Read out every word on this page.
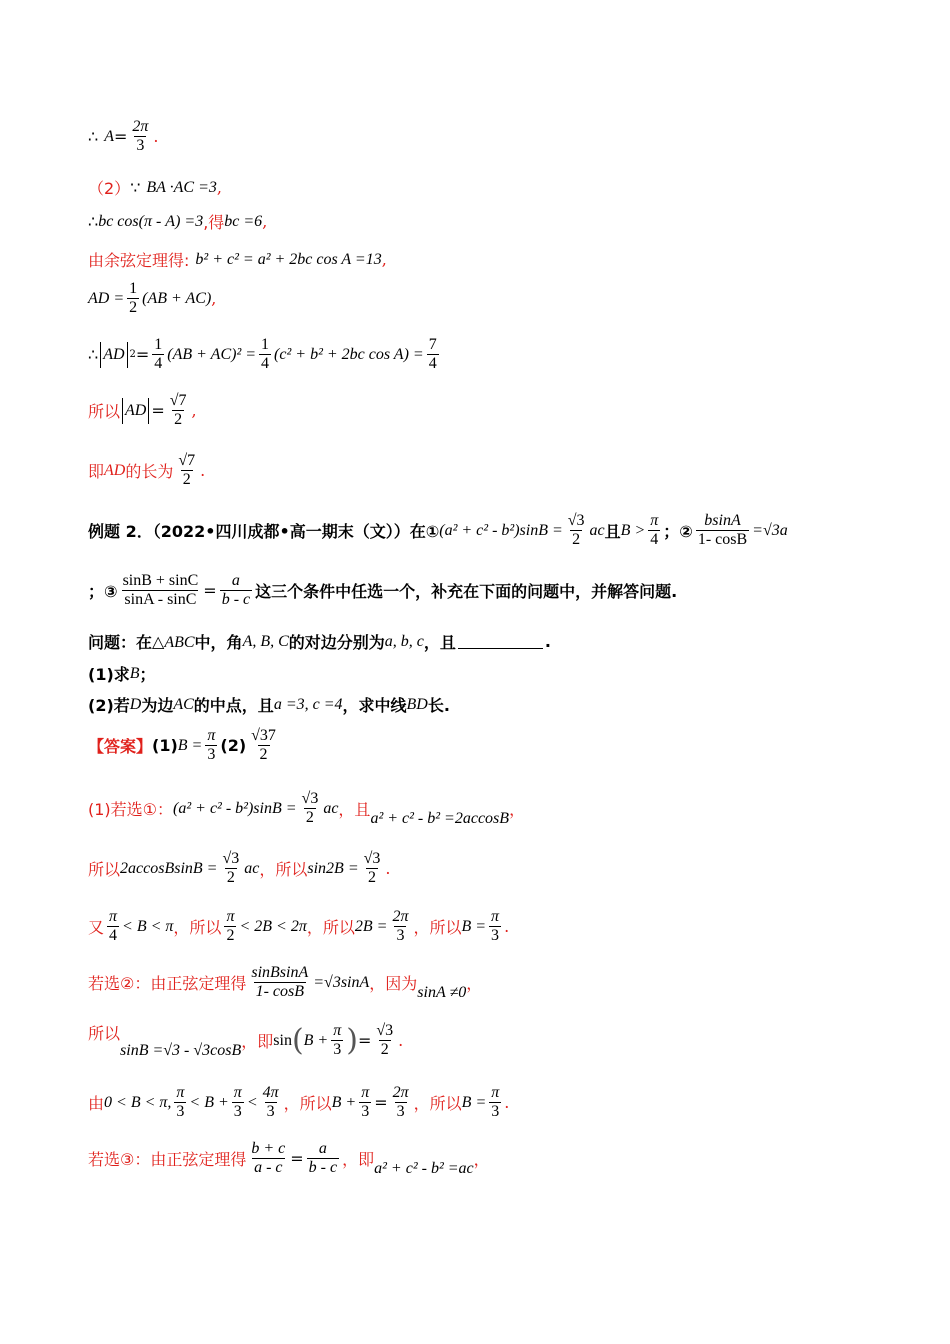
∴ $A = \frac{2\pi}{3}$ .
（2） ∵ BA ·AC =3 ,
∴ bc cos(π - A) =3 ,得 bc =6 ,
由余弦定理得: b² + c² = a² + 2bc cos A =13 ,
AD = $\frac{1}{2} (AB + AC)$ ,
∴ AD $2 = \frac{1}{4} (AB + AC)^2 = \frac{1}{4} (c^2 + b^2 + 2bc$ $\cos A) = \frac{7}{4}$
所以 AD = $\frac{√7}{2}$ ,
即 AD 的长为 $\frac{√7}{2}$ .
例题 2．（2022•四川成都•高一期末（文））在① $(a^2 + c^2 - b^2)\sin B = \frac{√3}{2}$ ac 且 $B > \frac{\pi}{4}$ ；② $\frac{bsinA}{1- \cos B} =√3a$
；③ $\frac{\sin B + \sin C}{\sin A - \sin C} = \frac{a}{b - c}$ 这三个条件中任选一个，补充在下面的问题中，并解答问题.
问题：在 △ABC 中，角 A, B, C 的对边分别为 a, b, c ，且	.
(1)求 B ；
(2)若 D 为边 AC 的中点，且 a =3, c =4 ，求中线 BD 长.
【答案】 (1) $B = \frac{\pi}{3} (2) \frac{√37}{2}$
(1)若选①： $(a^2 + c^2 - b^2)\sin B = \frac{√3}{2}$ ac ，且 a² + c² - b² =2accosB ，
所以 2accosBsinB = $\frac{√3}{2}$ ac ，所以 $\sin 2B = \frac{√3}{2}$ .
又 $\frac{\pi}{4} < B < \pi$ ，所以 $\frac{\pi}{2} < 2B < 2\pi$ ，所以 $2B = \frac{2\pi}{3}$ ，所以 $B = \frac{\pi}{3}$ .
若选②：由正弦定理得 $\frac{\text{sinBsinA}}{1- \cos B} =√3\sin A$ ，因为 sinA ≠0 ，
所以
sinB =√3 - √3cosB ，即 sin ( $B + \frac{\pi}{3}$ ) = $\frac{√3}{2}$ .
由 0 < B < π, $\frac{\pi}{3} < B + \frac{\pi}{3} < \frac{4\pi}{3}$ ，所以 $B + \frac{\pi}{3} = \frac{2\pi}{3}$ ，所以 $B = \frac{\pi}{3}$ .
若选③：由正弦定理得 $\frac{b + c}{a - c} = \frac{a}{b - c}$ ，即 a² + c² - b² =ac ，
